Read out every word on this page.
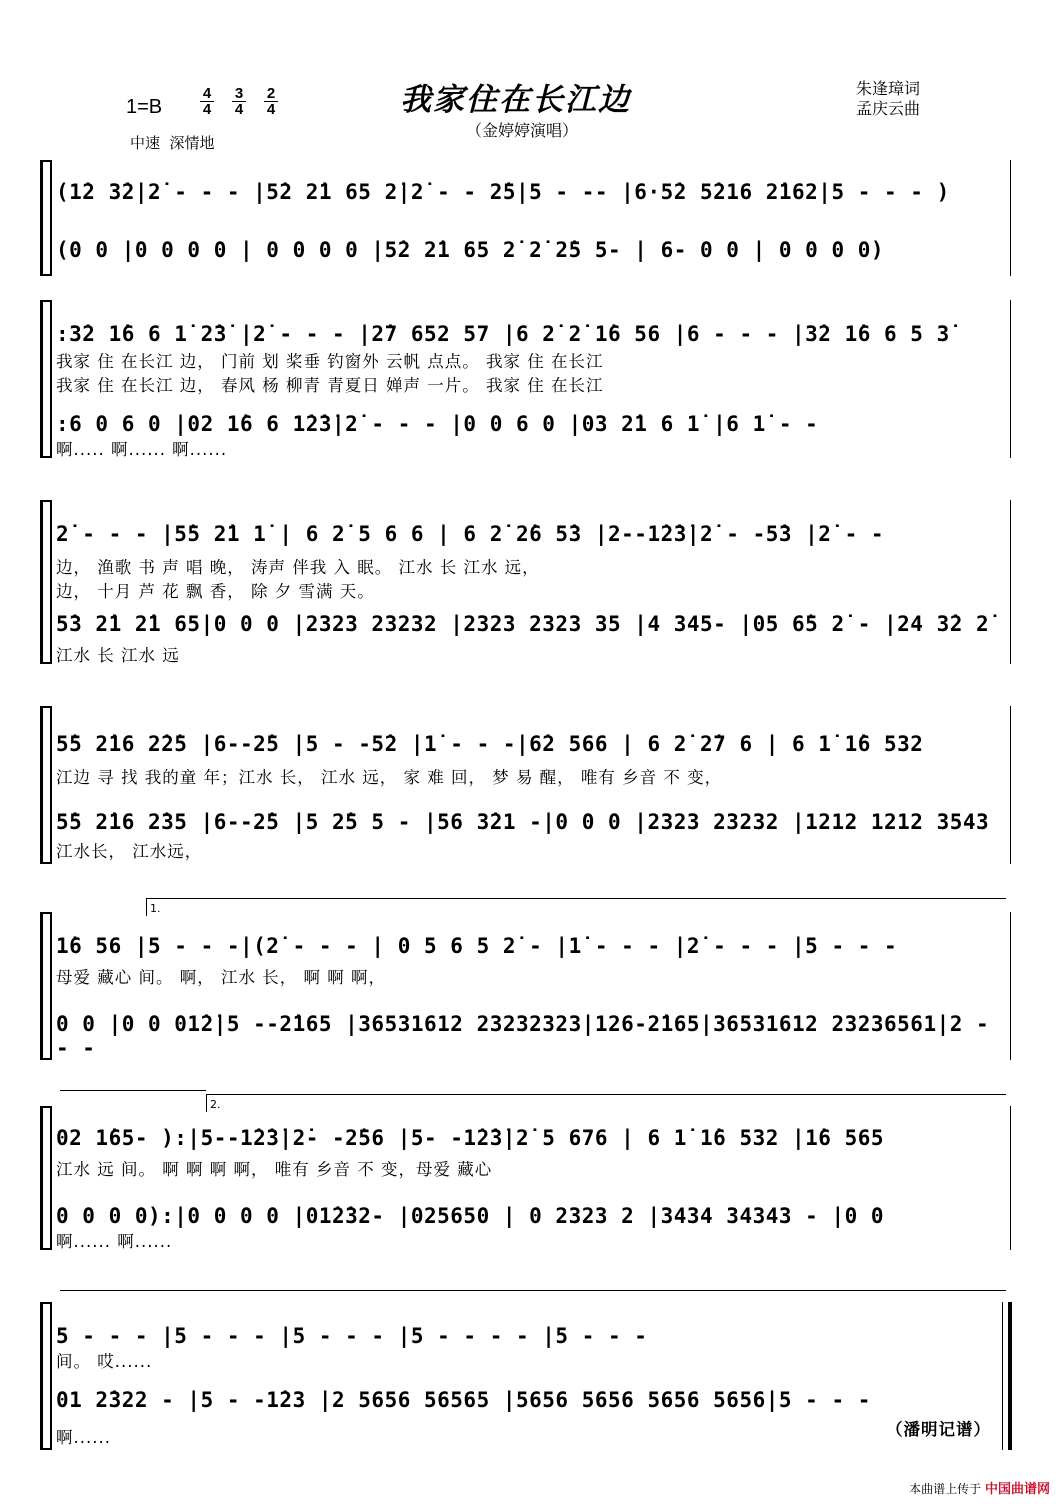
我家住在长江边
（金婷婷演唱）
朱逢璋词
孟庆云曲
1=B
4
4
3
4
2
4
中速  深情地
(1̇2 3̇2|2̇ - - - |5̇2 2̇1 65 2̇|2̇ - - 2̇5|5 - -- |6·5̇2 5̇216 2̇162|5 - - - )
(0 0 |0 0 0 0 | 0 0 0 0 |5̇2 2̇1 65 2̇ 2̇ 2̇5 5- | 6- 0 0 | 0 0 0 0)
:3̇2 1̇6 6 1̇ 2̇3̇ |2̇ - - - |2̇7 652 57 |6 2̇ 2̇ 1̇6 56 |6 - - - |3̇2 1̇6 6 5 3̇
我家 住 在长江 边， 门前 划 桨垂 钓窗外 云帆 点点。 我家 住 在长江
我家 住 在长江 边， 春风 杨 柳青 青夏日 婵声 一片。 我家 住 在长江
:6 0 6 0 |02 1̇6 6 1̇2̇3̇|2̇ - - - |0 0 6 0 |03 2̇1 6 1̇ |6 1̇ - -
啊..... 啊...... 啊......
2̇ - - - |5̇5 2̇1 1̇ | 6 2̇ 5 6 6 | 6 2̇ 2̇6 5̇3 |2--1̇2̇3̇|2̇ - -5̇3 |2̇ - -
边， 渔歌 书 声 唱 晚， 涛声 伴我 入 眠。 江水 长 江水 远，
边， 十月 芦 花 飘 香， 除 夕 雪满 天。
5̇3 2̇1 2̇1 65|0 0 0 |2323 23232 |2323 2323 35 |4 345- |05 6̇5 2̇ - |24 3̇2 2̇
江水 长 江水 远
5̇5 2̇16 2̇2̇5 |6--2̇5 |5 - -5̇2 |1̇ - - -|6̇2 566 | 6 2̇ 2̇7 6 | 6 1̇ 1̇6 532
江边 寻 找 我的童 年；江水 长， 江水 远， 家 难 回， 梦 易 醒， 唯有 乡音 不 变，
5̇5 2̇16 2̇35 |6--2̇5 |5 2̇5 5 - |56 3̇21 -|0 0 0 |2323 23232 |1212 1212 3543
江水长， 江水远，
1.
1̇6 56 |5 - - -|(2̇ - - - | 0 5 6 5 2̇ - |1̇ - - - |2̇ - - - |5 - - -
母爱 藏心 间。 啊， 江水 长， 啊 啊 啊，
0 0 |0 0 01̇2̇|5 --2̇165 |36531612 23232323|126-2̇165|36531612 23236561|2 - - -
2.
02 1̇65- ):|5--1̇2̇3̇|2̇- -2̇56 |5- -1̇2̇3̇|2̇ 5 676 | 6 1̇ 1̇6 532 |1̇6 565
江水 远 间。 啊 啊 啊 啊， 唯有 乡音 不 变，母爱 藏心
0 0 0 0):|0 0 0 0 |01̇2̇32- |025650 | 0 2323 2 |3434 34343 - |0 0
啊...... 啊......
5 - - - |5 - - - |5 - - - |5 - - - - |5 - - -
间。 哎......
01 2̇322 - |5 - -1̇23 |2 5656 56565 |5656 5656 5656 5656|5 - - -
啊......	（潘明记谱）
本曲谱上传于 中国曲谱网
